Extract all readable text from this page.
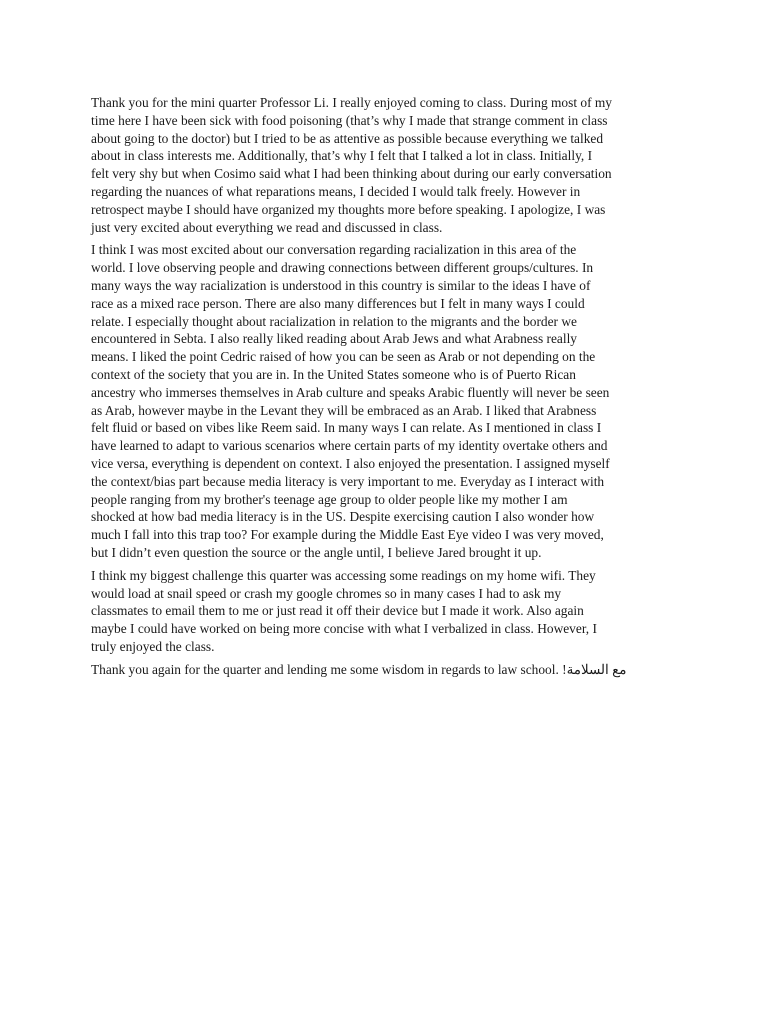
Thank you for the mini quarter Professor Li. I really enjoyed coming to class. During most of my
time here I have been sick with food poisoning (that’s why I made that strange comment in class
about going to the doctor) but I tried to be as attentive as possible because everything we talked
about in class interests me. Additionally, that’s why I felt that I talked a lot in class. Initially, I
felt very shy but when Cosimo said what I had been thinking about during our early conversation
regarding the nuances of what reparations means, I decided I would talk freely. However in
retrospect maybe I should have organized my thoughts more before speaking. I apologize, I was
just very excited about everything we read and discussed in class.

I think I was most excited about our conversation regarding racialization in this area of the
world. I love observing people and drawing connections between different groups/cultures. In
many ways the way racialization is understood in this country is similar to the ideas I have of
race as a mixed race person. There are also many differences but I felt in many ways I could
relate. I especially thought about racialization in relation to the migrants and the border we
encountered in Sebta. I also really liked reading about Arab Jews and what Arabness really
means. I liked the point Cedric raised of how you can be seen as Arab or not depending on the
context of the society that you are in. In the United States someone who is of Puerto Rican
ancestry who immerses themselves in Arab culture and speaks Arabic fluently will never be seen
as Arab, however maybe in the Levant they will be embraced as an Arab. I liked that Arabness
felt fluid or based on vibes like Reem said. In many ways I can relate. As I mentioned in class I
have learned to adapt to various scenarios where certain parts of my identity overtake others and
vice versa, everything is dependent on context. I also enjoyed the presentation. I assigned myself
the context/bias part because media literacy is very important to me. Everyday as I interact with
people ranging from my brother's teenage age group to older people like my mother I am
shocked at how bad media literacy is in the US. Despite exercising caution I also wonder how
much I fall into this trap too? For example during the Middle East Eye video I was very moved,
but I didn’t even question the source or the angle until, I believe Jared brought it up.

I think my biggest challenge this quarter was accessing some readings on my home wifi. They
would load at snail speed or crash my google chromes so in many cases I had to ask my
classmates to email them to me or just read it off their device but I made it work. Also again
maybe I could have worked on being more concise with what I verbalized in class. However, I
truly enjoyed the class.

Thank you again for the quarter and lending me some wisdom in regards to law school. مع السلامة!
